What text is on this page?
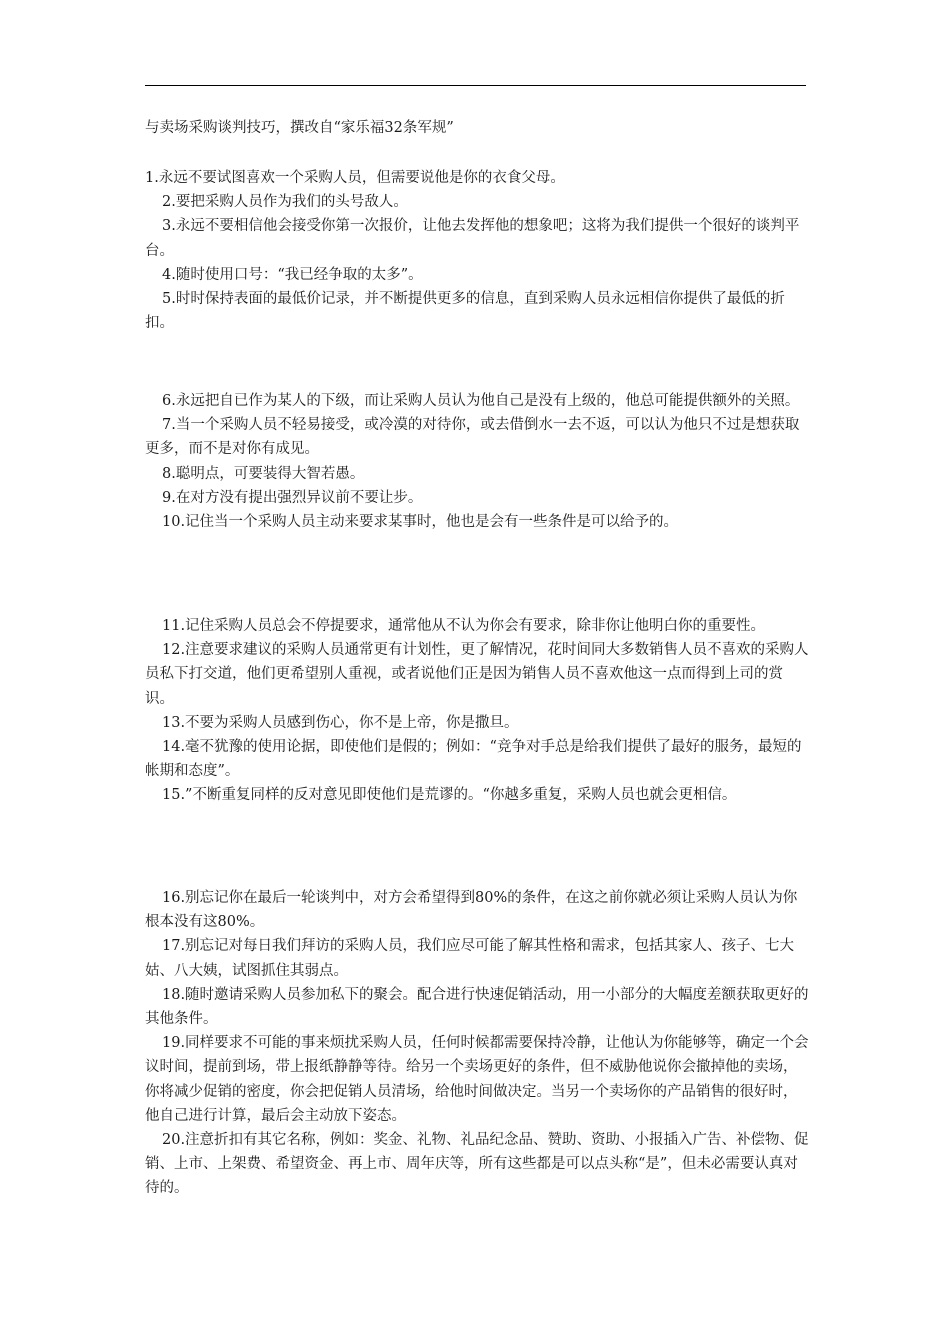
与卖场采购谈判技巧，撰改自“家乐福32条军规”

1.永远不要试图喜欢一个采购人员，但需要说他是你的衣食父母。

2.要把采购人员作为我们的头号敌人。

3.永远不要相信他会接受你第一次报价，让他去发挥他的想象吧；这将为我们提供一个很好的谈判平台。

4.随时使用口号：“我已经争取的太多”。

5.时时保持表面的最低价记录，并不断提供更多的信息，直到采购人员永远相信你提供了最低的折扣。

6.永远把自已作为某人的下级，而让采购人员认为他自己是没有上级的，他总可能提供额外的关照。

7.当一个采购人员不轻易接受，或冷漠的对待你，或去借倒水一去不返，可以认为他只不过是想获取更多，而不是对你有成见。

8.聪明点，可要装得大智若愚。

9.在对方没有提出强烈异议前不要让步。

10.记住当一个采购人员主动来要求某事时，他也是会有一些条件是可以给予的。

11.记住采购人员总会不停提要求，通常他从不认为你会有要求，除非你让他明白你的重要性。

12.注意要求建议的采购人员通常更有计划性，更了解情况，花时间同大多数销售人员不喜欢的采购人员私下打交道，他们更希望别人重视，或者说他们正是因为销售人员不喜欢他这一点而得到上司的赏识。

13.不要为采购人员感到伤心，你不是上帝，你是撒旦。

14.毫不犹豫的使用论据，即使他们是假的；例如：“竞争对手总是给我们提供了最好的服务，最短的帐期和态度”。

15.”不断重复同样的反对意见即使他们是荒谬的。“你越多重复，采购人员也就会更相信。

16.别忘记你在最后一轮谈判中，对方会希望得到80%的条件，在这之前你就必须让采购人员认为你根本没有这80%。

17.别忘记对每日我们拜访的采购人员，我们应尽可能了解其性格和需求，包括其家人、孩子、七大姑、八大姨，试图抓住其弱点。

18.随时邀请采购人员参加私下的聚会。配合进行快速促销活动，用一小部分的大幅度差额获取更好的其他条件。

19.同样要求不可能的事来烦扰采购人员，任何时候都需要保持冷静，让他认为你能够等，确定一个会议时间，提前到场，带上报纸静静等待。给另一个卖场更好的条件，但不威胁他说你会撤掉他的卖场，你将减少促销的密度，你会把促销人员清场，给他时间做决定。当另一个卖场你的产品销售的很好时，他自己进行计算，最后会主动放下姿态。

20.注意折扣有其它名称，例如：奖金、礼物、礼品纪念品、赞助、资助、小报插入广告、补偿物、促销、上市、上架费、希望资金、再上市、周年庆等，所有这些都是可以点头称“是”，但未必需要认真对待的。
